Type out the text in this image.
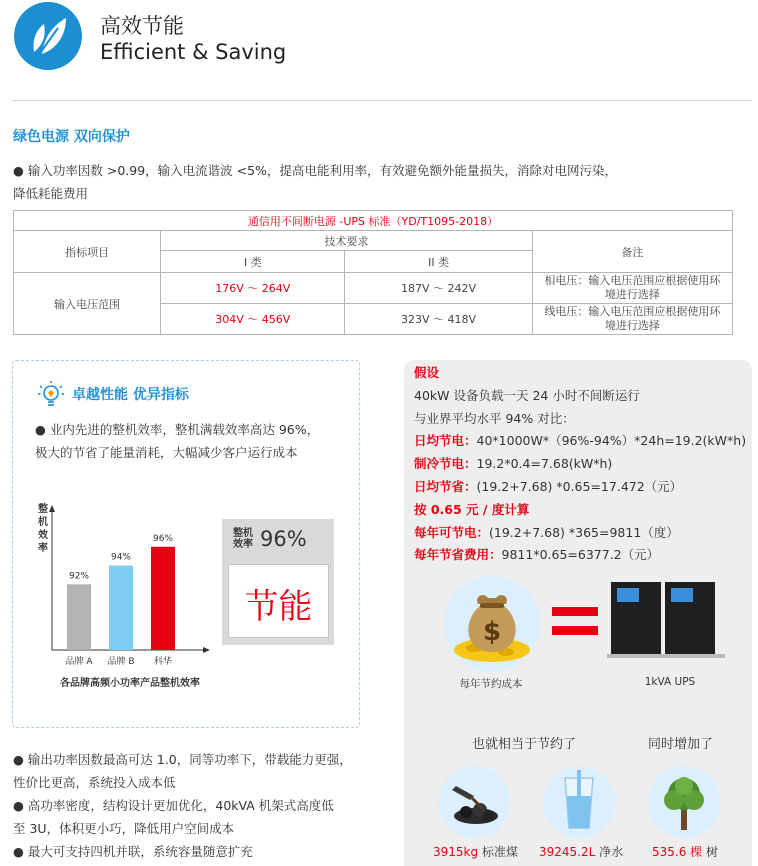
高效节能
Efficient & Saving
绿色电源 双向保护
● 输入功率因数 >0.99，输入电流谐波 <5%，提高电能利用率，有效避免额外能量损失，消除对电网污染，
降低耗能费用
通信用不间断电源 -UPS 标准（YD/T1095-2018）			
指标项目	技术要求		备注
	I 类	II 类	
输入电压范围	176V ～ 264V	187V ～ 242V	相电压：输入电压范围应根据使用环
境进行选择

	304V ～ 456V	323V ～ 418V	线电压：输入电压范围应根据使用环
境进行选择
卓越性能 优异指标
● 业内先进的整机效率，整机满载效率高达 96%，
极大的节省了能量消耗，大幅减少客户运行成本
整机效率
92%
品牌 A
94%
品牌 B
96%
科华
各品牌高频小功率产品整机效率
整机效率 96%
节能
● 输出功率因数最高可达 1.0，同等功率下，带载能力更强，
性价比更高，系统投入成本低
● 高功率密度，结构设计更加优化，40kVA 机架式高度低
至 3U，体积更小巧，降低用户空间成本
● 最大可支持四机并联，系统容量随意扩充
假设
40kW 设备负载一天 24 小时不间断运行
与业界平均水平 94% 对比：
日均节电：40*1000W*（96%-94%）*24h=19.2(kW*h)
制冷节电：19.2*0.4=7.68(kW*h)
日均节省：(19.2+7.68) *0.65=17.472（元）
按 0.65 元 / 度计算
每年可节电：(19.2+7.68) *365=9811（度）
每年节省费用：9811*0.65=6377.2（元）
$
每年节约成本	1kVA UPS
也就相当于节约了	同时增加了
3915kg 标准煤 39245.2L 净水 535.6 棵 树
